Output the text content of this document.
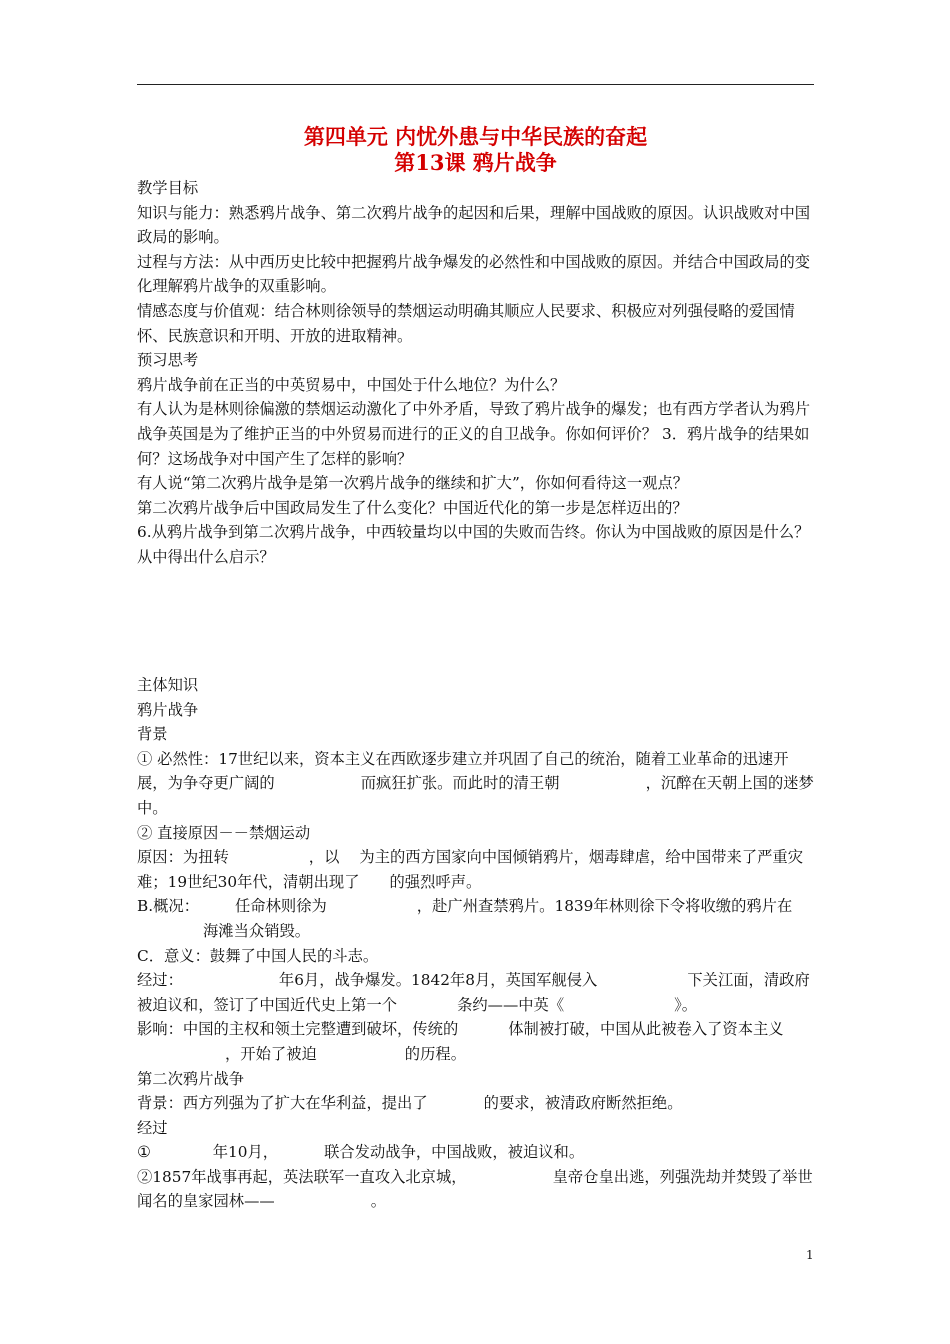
第四单元 内忧外患与中华民族的奋起
第13课 鸦片战争

教学目标

知识与能力：熟悉鸦片战争、第二次鸦片战争的起因和后果，理解中国战败的原因。认识战败对中国政局的影响。

过程与方法：从中西历史比较中把握鸦片战争爆发的必然性和中国战败的原因。并结合中国政局的变化理解鸦片战争的双重影响。

情感态度与价值观：结合林则徐领导的禁烟运动明确其顺应人民要求、积极应对列强侵略的爱国情怀、民族意识和开明、开放的进取精神。

预习思考

鸦片战争前在正当的中英贸易中，中国处于什么地位？为什么？

有人认为是林则徐偏激的禁烟运动激化了中外矛盾，导致了鸦片战争的爆发；也有西方学者认为鸦片战争英国是为了维护正当的中外贸易而进行的正义的自卫战争。你如何评价？ 3．鸦片战争的结果如何？这场战争对中国产生了怎样的影响？

有人说“第二次鸦片战争是第一次鸦片战争的继续和扩大”，你如何看待这一观点？

第二次鸦片战争后中国政局发生了什么变化？中国近代化的第一步是怎样迈出的？

6.从鸦片战争到第二次鸦片战争，中西较量均以中国的失败而告终。你认为中国战败的原因是什么？从中得出什么启示？

主体知识

鸦片战争

背景

① 必然性：17世纪以来，资本主义在西欧逐步建立并巩固了自己的统治，随着工业革命的迅速开展，为争夺更广阔的	而疯狂扩张。而此时的清王朝	，沉醉在天朝上国的迷梦中。

② 直接原因－－禁烟运动

原因：为扭转	，以 为主的西方国家向中国倾销鸦片，烟毒肆虐，给中国带来了严重灾难；19世纪30年代，清朝出现了 的强烈呼声。

B.概况： 任命林则徐为	，赴广州查禁鸦片。1839年林则徐下令将收缴的鸦片在海滩当众销毁。

C．意义：鼓舞了中国人民的斗志。

经过：	年6月，战争爆发。1842年8月，英国军舰侵入	下关江面，清政府被迫议和，签订了中国近代史上第一个	条约——中英《	》。

影响：中国的主权和领土完整遭到破坏，传统的	体制被打破，中国从此被卷入了资本主义，开始了被迫	的历程。

第二次鸦片战争

背景：西方列强为了扩大在华利益，提出了	的要求，被清政府断然拒绝。

经过

①	年10月，	联合发动战争，中国战败，被迫议和。

②1857年战事再起，英法联军一直攻入北京城，	皇帝仓皇出逃，列强洗劫并焚毁了举世闻名的皇家园林——	。

1
